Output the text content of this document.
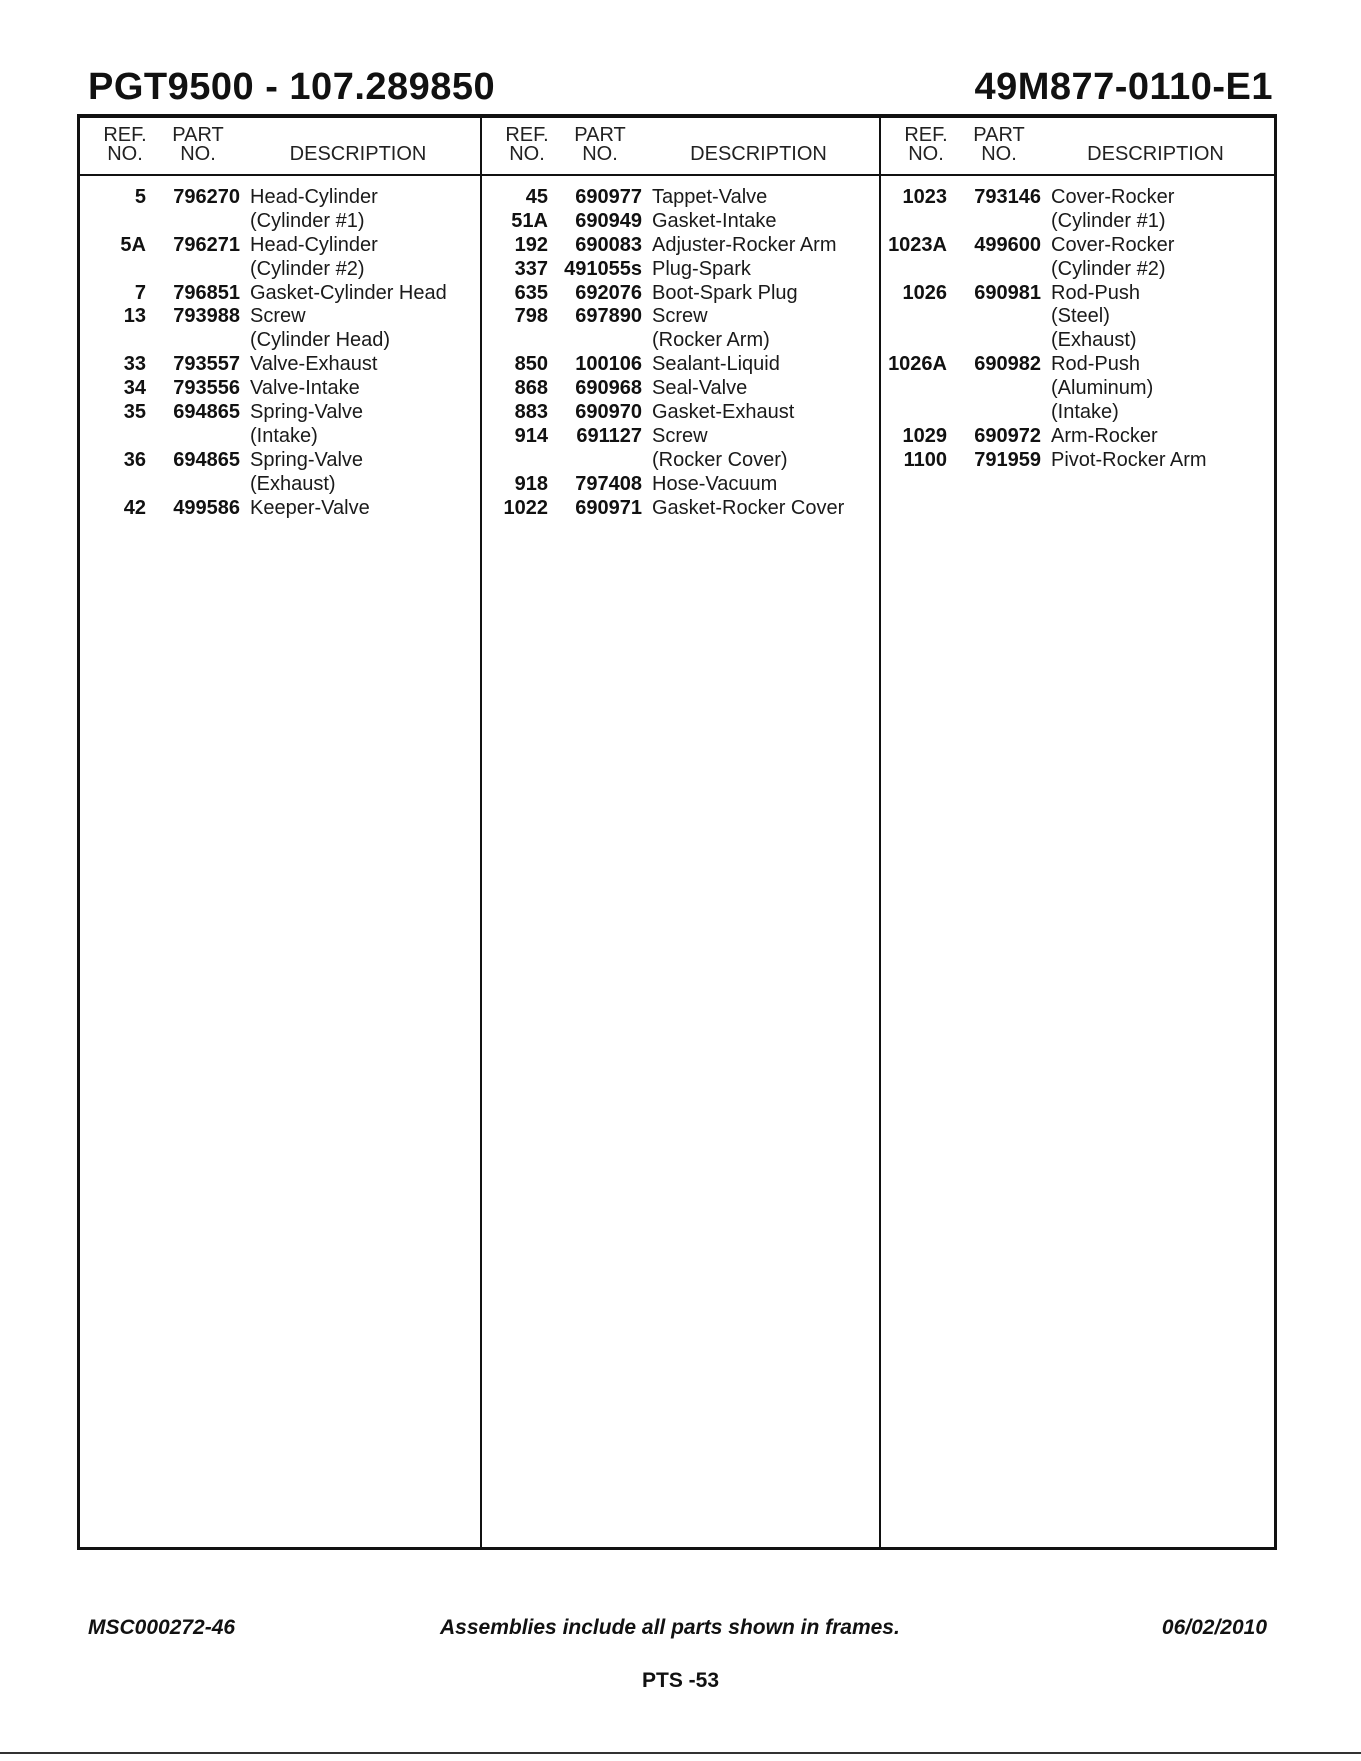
PGT9500 - 107.289850	49M877-0110-E1
REF.
NO.
PART
NO.	DESCRIPTION
5	796270 Head-Cylinder
(Cylinder #1)
5A	796271 Head-Cylinder
(Cylinder #2)
7	796851 Gasket-Cylinder Head
13	793988 Screw
(Cylinder Head)
33	793557 Valve-Exhaust
34	793556 Valve-Intake
35	694865 Spring-Valve
(Intake)
36	694865 Spring-Valve
(Exhaust)
42	499586 Keeper-Valve
REF.
NO.
PART
NO.	DESCRIPTION
45	690977 Tappet-Valve
51A	690949 Gasket-Intake
192	690083 Adjuster-Rocker Arm
337 491055s Plug-Spark
635	692076 Boot-Spark Plug
798	697890 Screw
(Rocker Arm)
850	100106 Sealant-Liquid
868	690968 Seal-Valve
883	690970 Gasket-Exhaust
914	691127 Screw
(Rocker Cover)
918	797408 Hose-Vacuum
1022	690971 Gasket-Rocker Cover
REF.
NO.
PART
NO.	DESCRIPTION
1023	793146 Cover-Rocker
(Cylinder #1)
1023A	499600 Cover-Rocker
(Cylinder #2)
1026	690981 Rod-Push
(Steel)
(Exhaust)
1026A	690982 Rod-Push
(Aluminum)
(Intake)
1029	690972 Arm-Rocker
1100	791959 Pivot-Rocker Arm
MSC000272-46	Assemblies include all parts shown in frames.	06/02/2010
PTS -53
